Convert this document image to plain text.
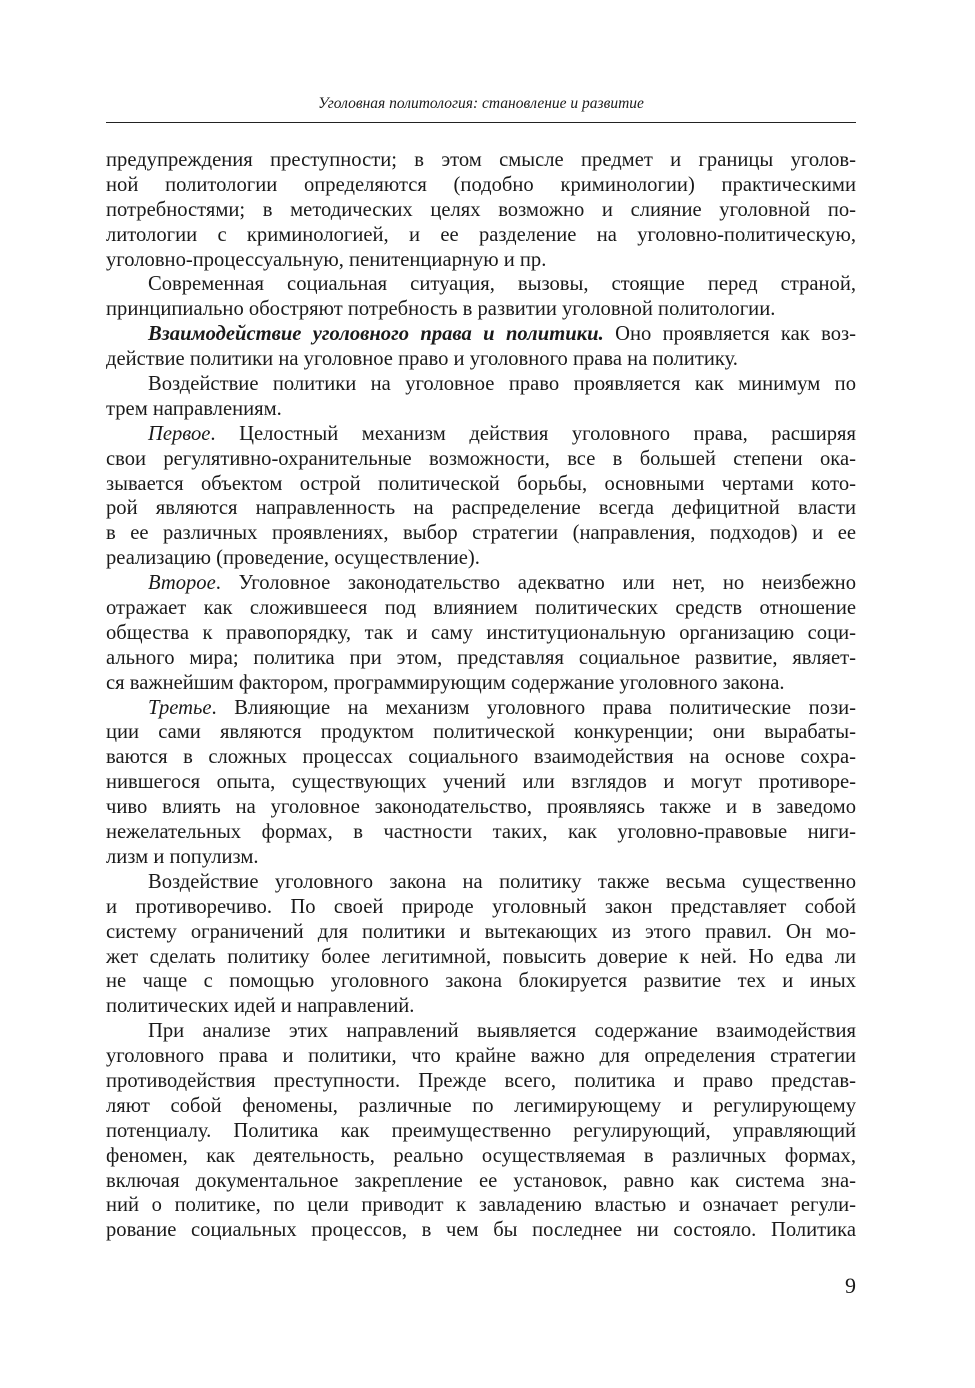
Уголовная политология: становление и развитие
предупреждения преступности; в этом смысле предмет и границы уголов-
ной политологии определяются (подобно криминологии) практическими
потребностями; в методических целях возможно и слияние уголовной по-
литологии с криминологией, и ее разделение на уголовно-политическую,
уголовно-процессуальную, пенитенциарную и пр.
Современная социальная ситуация, вызовы, стоящие перед страной,
принципиально обостряют потребность в развитии уголовной политологии.
Взаимодействие уголовного права и политики. Оно проявляется как воз-
действие политики на уголовное право и уголовного права на политику.
Воздействие политики на уголовное право проявляется как минимум по
трем направлениям.
Первое. Целостный механизм действия уголовного права, расширяя
свои регулятивно-охранительные возможности, все в большей степени ока-
зывается объектом острой политической борьбы, основными чертами кото-
рой являются направленность на распределение всегда дефицитной власти
в ее различных проявлениях, выбор стратегии (направления, подходов) и ее
реализацию (проведение, осуществление).
Второе. Уголовное законодательство адекватно или нет, но неизбежно
отражает как сложившееся под влиянием политических средств отношение
общества к правопорядку, так и саму институциональную организацию соци-
ального мира; политика при этом, представляя социальное развитие, являет-
ся важнейшим фактором, программирующим содержание уголовного закона.
Третье. Влияющие на механизм уголовного права политические пози-
ции сами являются продуктом политической конкуренции; они вырабаты-
ваются в сложных процессах социального взаимодействия на основе сохра-
нившегося опыта, существующих учений или взглядов и могут противоре-
чиво влиять на уголовное законодательство, проявляясь также и в заведомо
нежелательных формах, в частности таких, как уголовно-правовые ниги-
лизм и популизм.
Воздействие уголовного закона на политику также весьма существенно
и противоречиво. По своей природе уголовный закон представляет собой
систему ограничений для политики и вытекающих из этого правил. Он мо-
жет сделать политику более легитимной, повысить доверие к ней. Но едва ли
не чаще с помощью уголовного закона блокируется развитие тех и иных
политических идей и направлений.
При анализе этих направлений выявляется содержание взаимодействия
уголовного права и политики, что крайне важно для определения стратегии
противодействия преступности. Прежде всего, политика и право представ-
ляют собой феномены, различные по легимирующему и регулирующему
потенциалу. Политика как преимущественно регулирующий, управляющий
феномен, как деятельность, реально осуществляемая в различных формах,
включая документальное закрепление ее установок, равно как система зна-
ний о политике, по цели приводит к завладению властью и означает регули-
рование социальных процессов, в чем бы последнее ни состояло. Политика
9
